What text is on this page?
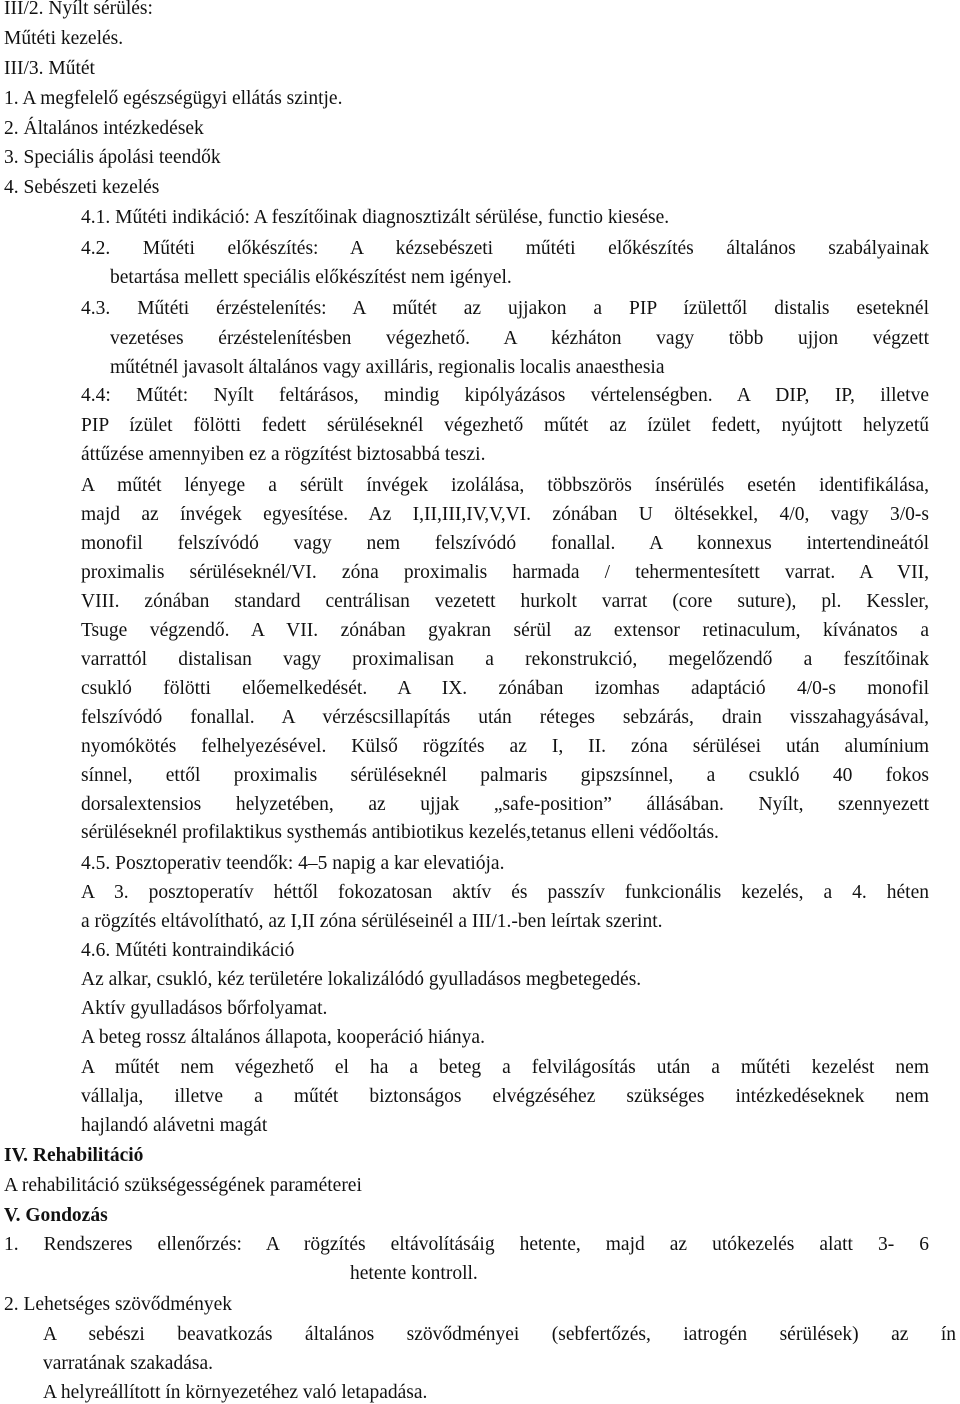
III/2. Nyílt sérülés:
Műtéti kezelés.
III/3. Műtét
1. A megfelelő egészségügyi ellátás szintje.
2. Általános intézkedések
3. Speciális ápolási teendők
4. Sebészeti kezelés
4.1. Műtéti indikáció: A feszítőinak diagnosztizált sérülése, functio kiesése.
4.2. Műtéti előkészítés: A kézsebészeti műtéti előkészítés általános szabályainak
betartása mellett speciális előkészítést nem igényel.
4.3. Műtéti érzéstelenítés: A műtét az ujjakon a PIP ízülettől distalis eseteknél
vezetéses érzéstelenítésben végezhető. A kézháton vagy több ujjon végzett
műtétnél javasolt általános vagy axilláris, regionalis localis anaesthesia
4.4: Műtét: Nyílt feltárásos, mindig kipólyázásos vértelenségben. A DIP, IP, illetve
PIP ízület fölötti fedett sérüléseknél végezhető műtét az ízület fedett, nyújtott helyzetű
áttűzése amennyiben ez a rögzítést biztosabbá teszi.
A műtét lényege a sérült ínvégek izolálása, többszörös ínsérülés esetén identifikálása,
majd az ínvégek egyesítése. Az I,II,III,IV,V,VI. zónában U öltésekkel, 4/0, vagy 3/0-s
monofil felszívódó vagy nem felszívódó fonallal. A konnexus intertendineától
proximalis sérüléseknél/VI. zóna proximalis harmada / tehermentesített varrat. A VII,
VIII. zónában standard centrálisan vezetett hurkolt varrat (core suture), pl. Kessler,
Tsuge végzendő. A VII. zónában gyakran sérül az extensor retinaculum, kívánatos a
varrattól distalisan vagy proximalisan a rekonstrukció, megelőzendő a feszítőinak
csukló fölötti előemelkedését. A IX. zónában izomhas adaptáció 4/0-s monofil
felszívódó fonallal. A vérzéscsillapítás után réteges sebzárás, drain visszahagyásával,
nyomókötés felhelyezésével. Külső rögzítés az I, II. zóna sérülései után alumínium
sínnel, ettől proximalis sérüléseknél palmaris gipszsínnel, a csukló 40 fokos
dorsalextensios helyzetében, az ujjak „safe-position” állásában. Nyílt, szennyezett
sérüléseknél profilaktikus systhemás antibiotikus kezelés,tetanus elleni védőoltás.
4.5. Posztoperativ teendők: 4–5 napig a kar elevatiója.
A 3. posztoperatív héttől fokozatosan aktív és passzív funkcionális kezelés, a 4. héten
a rögzítés eltávolítható, az I,II zóna sérüléseinél a III/1.-ben leírtak szerint.
4.6. Műtéti kontraindikáció
Az alkar, csukló, kéz területére lokalizálódó gyulladásos megbetegedés.
Aktív gyulladásos bőrfolyamat.
A beteg rossz általános állapota, kooperáció hiánya.
A műtét nem végezhető el ha a beteg a felvilágosítás után a műtéti kezelést nem
vállalja, illetve a műtét biztonságos elvégzéséhez szükséges intézkedéseknek nem
hajlandó alávetni magát
IV. Rehabilitáció
A rehabilitáció szükségességének paraméterei
V. Gondozás
1. Rendszeres ellenőrzés: A rögzítés eltávolításáig hetente, majd az utókezelés alatt 3- 6
hetente kontroll.
2. Lehetséges szövődmények
A sebészi beavatkozás általános szövődményei (sebfertőzés, iatrogén sérülések) az ín
varratának szakadása.
A helyreállított ín környezetéhez való letapadása.
